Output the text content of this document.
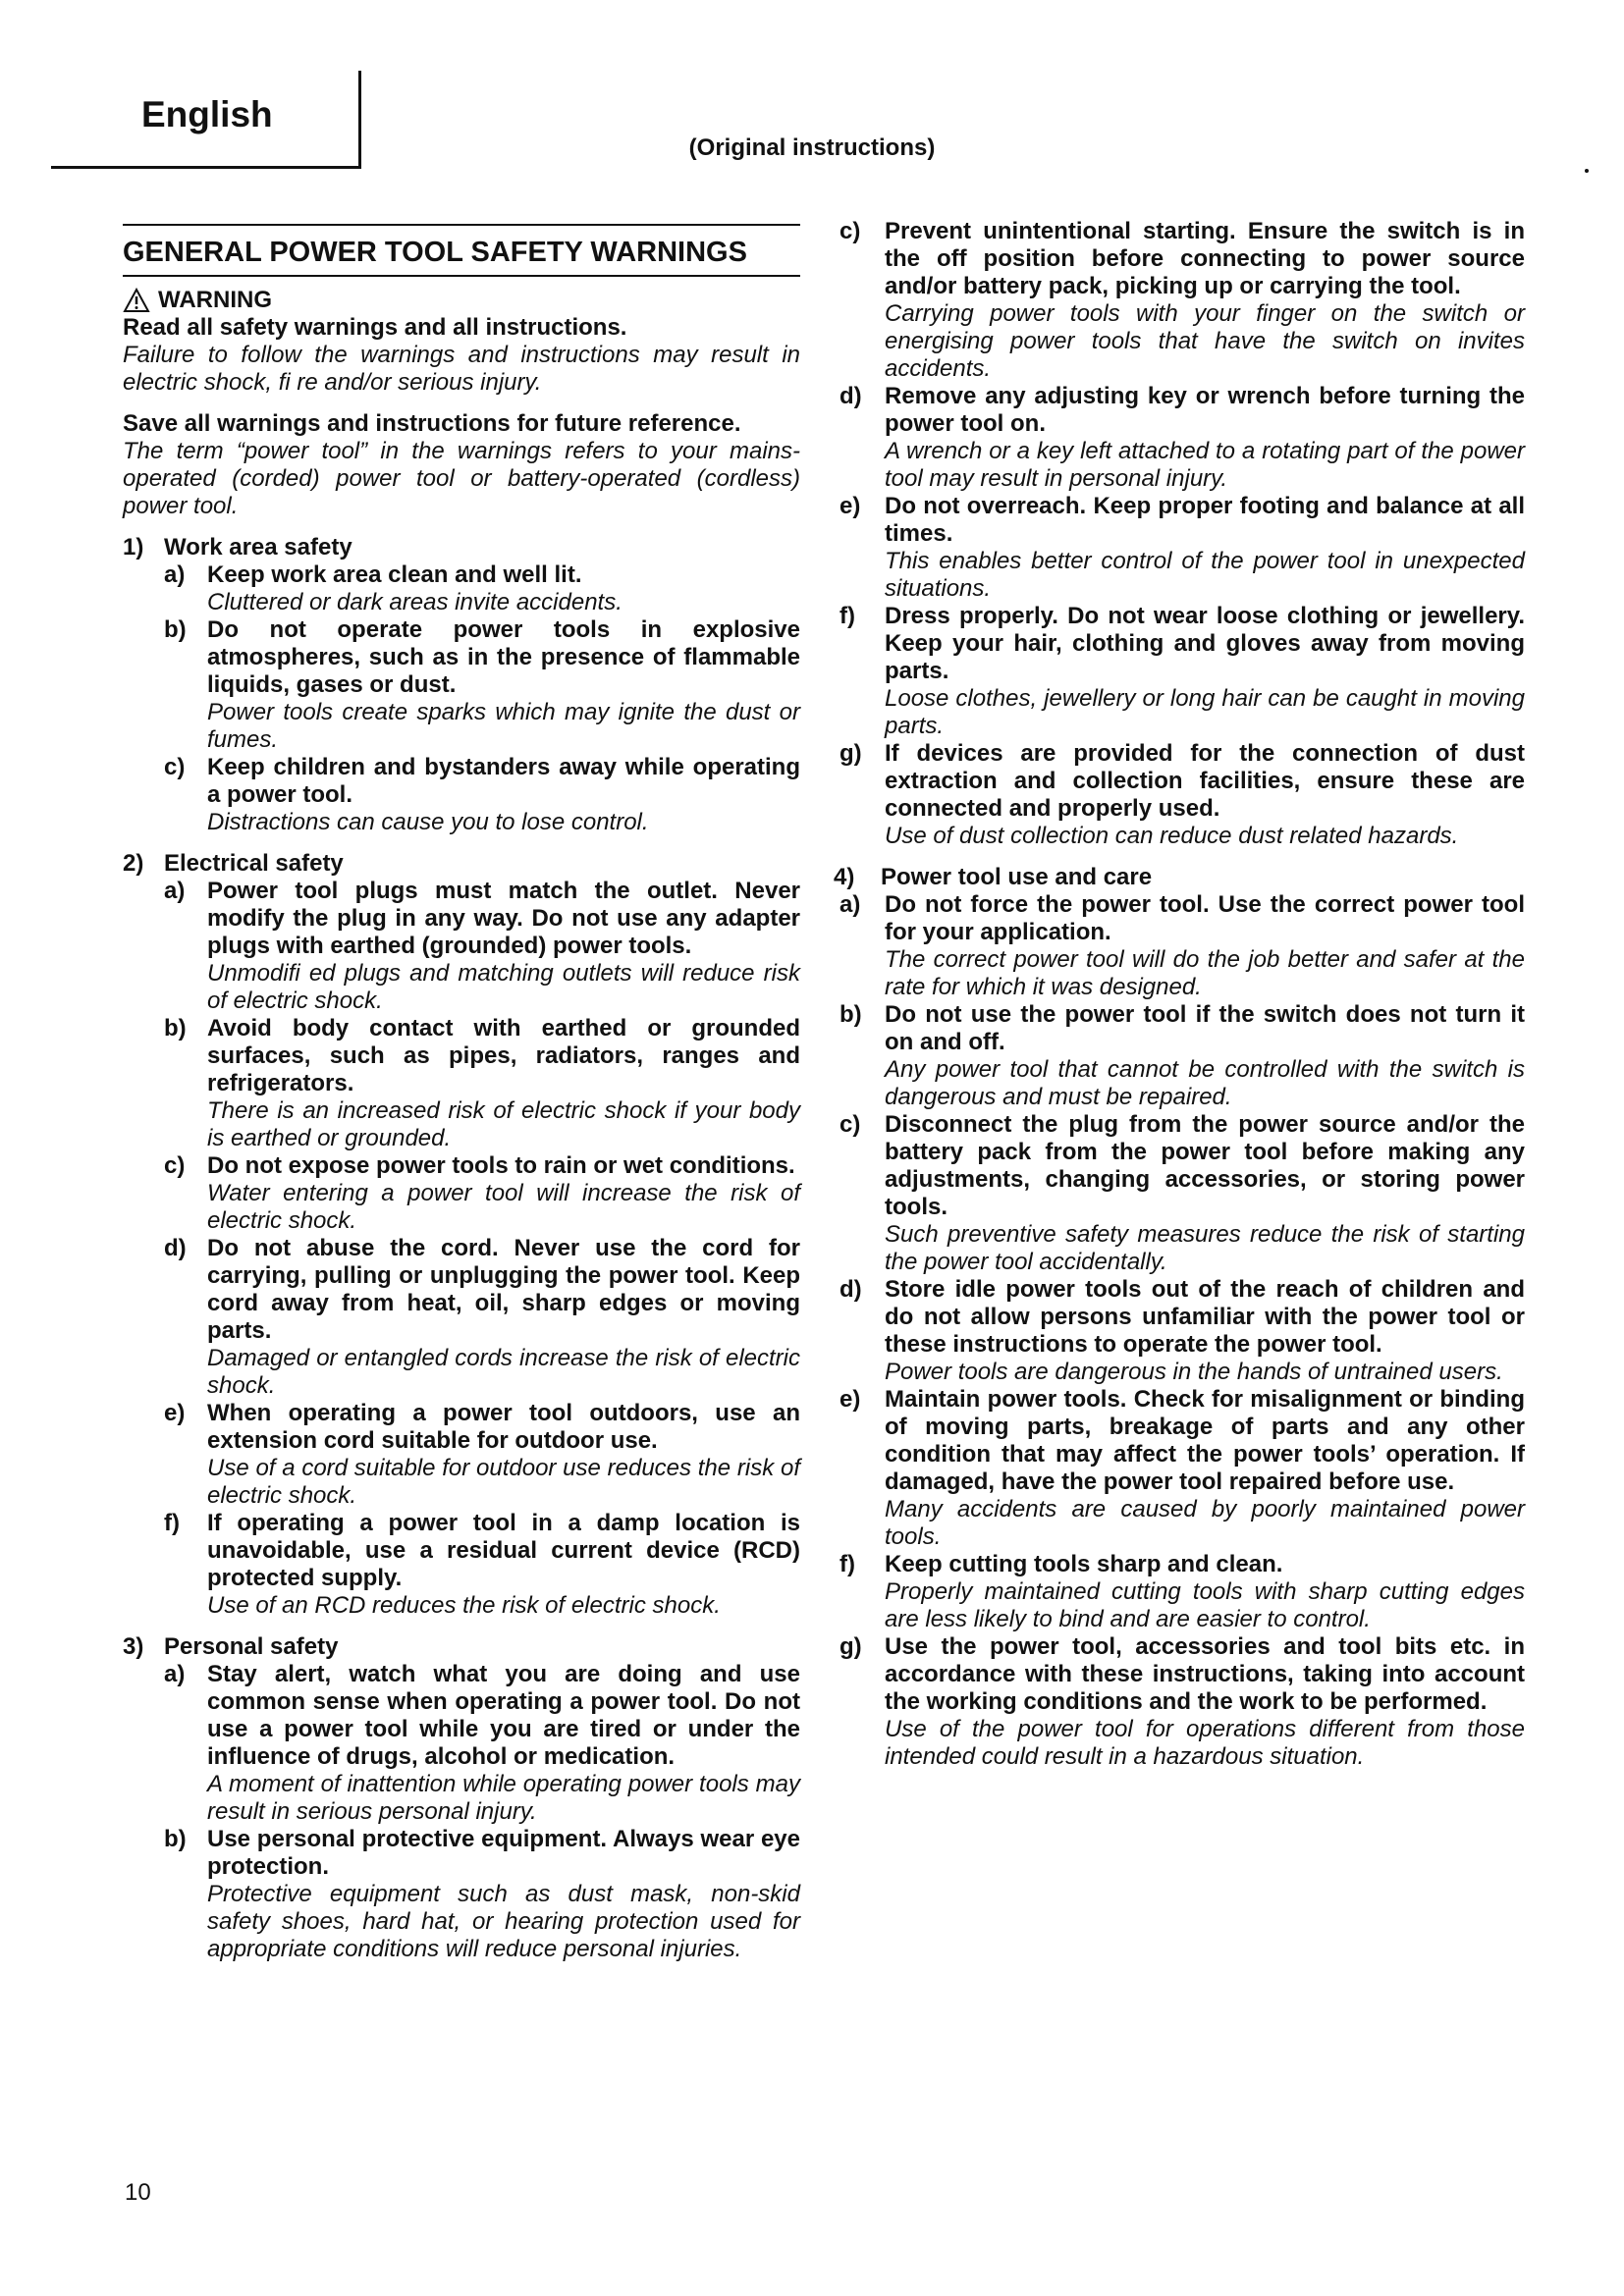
English
(Original instructions)
GENERAL POWER TOOL SAFETY WARNINGS
WARNING
Read all safety warnings and all instructions.
Failure to follow the warnings and instructions may result in electric shock, fi re and/or serious injury.
Save all warnings and instructions for future reference.
The term “power tool” in the warnings refers to your mains-operated (corded) power tool or battery-operated (cordless) power tool.
1) Work area safety
a) Keep work area clean and well lit.
Cluttered or dark areas invite accidents.
b) Do not operate power tools in explosive atmospheres, such as in the presence of flammable liquids, gases or dust.
Power tools create sparks which may ignite the dust or fumes.
c) Keep children and bystanders away while operating a power tool.
Distractions can cause you to lose control.
2) Electrical safety
a) Power tool plugs must match the outlet. Never modify the plug in any way. Do not use any adapter plugs with earthed (grounded) power tools.
Unmodifi ed plugs and matching outlets will reduce risk of electric shock.
b) Avoid body contact with earthed or grounded surfaces, such as pipes, radiators, ranges and refrigerators.
There is an increased risk of electric shock if your body is earthed or grounded.
c) Do not expose power tools to rain or wet conditions.
Water entering a power tool will increase the risk of electric shock.
d) Do not abuse the cord. Never use the cord for carrying, pulling or unplugging the power tool. Keep cord away from heat, oil, sharp edges or moving parts.
Damaged or entangled cords increase the risk of electric shock.
e) When operating a power tool outdoors, use an extension cord suitable for outdoor use.
Use of a cord suitable for outdoor use reduces the risk of electric shock.
f)	If operating a power tool in a damp location is unavoidable, use a residual current device (RCD) protected supply.
Use of an RCD reduces the risk of electric shock.
3) Personal safety
a) Stay alert, watch what you are doing and use common sense when operating a power tool. Do not use a power tool while you are tired or under the influence of drugs, alcohol or medication.
A moment of inattention while operating power tools may result in serious personal injury.
b) Use personal protective equipment. Always wear eye protection.
Protective equipment such as dust mask, non-skid safety shoes, hard hat, or hearing protection used for appropriate conditions will reduce personal injuries.
c)	Prevent unintentional starting. Ensure the switch is in the off position before connecting to power source and/or battery pack, picking up or carrying the tool.
Carrying power tools with your finger on the switch or energising power tools that have the switch on invites accidents.
d) Remove any adjusting key or wrench before turning the power tool on.
A wrench or a key left attached to a rotating part of the power tool may result in personal injury.
e)	Do not overreach. Keep proper footing and balance at all times.
This enables better control of the power tool in unexpected situations.
f)	Dress properly. Do not wear loose clothing or jewellery. Keep your hair, clothing and gloves away from moving parts.
Loose clothes, jewellery or long hair can be caught in moving parts.
g) If devices are provided for the connection of dust extraction and collection facilities, ensure these are connected and properly used.
Use of dust collection can reduce dust related hazards.
4)	Power tool use and care
a)	Do not force the power tool. Use the correct power tool for your application.
The correct power tool will do the job better and safer at the rate for which it was designed.
b) Do not use the power tool if the switch does not turn it on and off.
Any power tool that cannot be controlled with the switch is dangerous and must be repaired.
c)	Disconnect the plug from the power source and/or the battery pack from the power tool before making any adjustments, changing accessories, or storing power tools.
Such preventive safety measures reduce the risk of starting the power tool accidentally.
d) Store idle power tools out of the reach of children and do not allow persons unfamiliar with the power tool or these instructions to operate the power tool.
Power tools are dangerous in the hands of untrained users.
e)	Maintain power tools. Check for misalignment or binding of moving parts, breakage of parts and any other condition that may affect the power tools’ operation. If damaged, have the power tool repaired before use.
Many accidents are caused by poorly maintained power tools.
f)	Keep cutting tools sharp and clean.
Properly maintained cutting tools with sharp cutting edges are less likely to bind and are easier to control.
g) Use the power tool, accessories and tool bits etc. in accordance with these instructions, taking into account the working conditions and the work to be performed.
Use of the power tool for operations different from those intended could result in a hazardous situation.
10
